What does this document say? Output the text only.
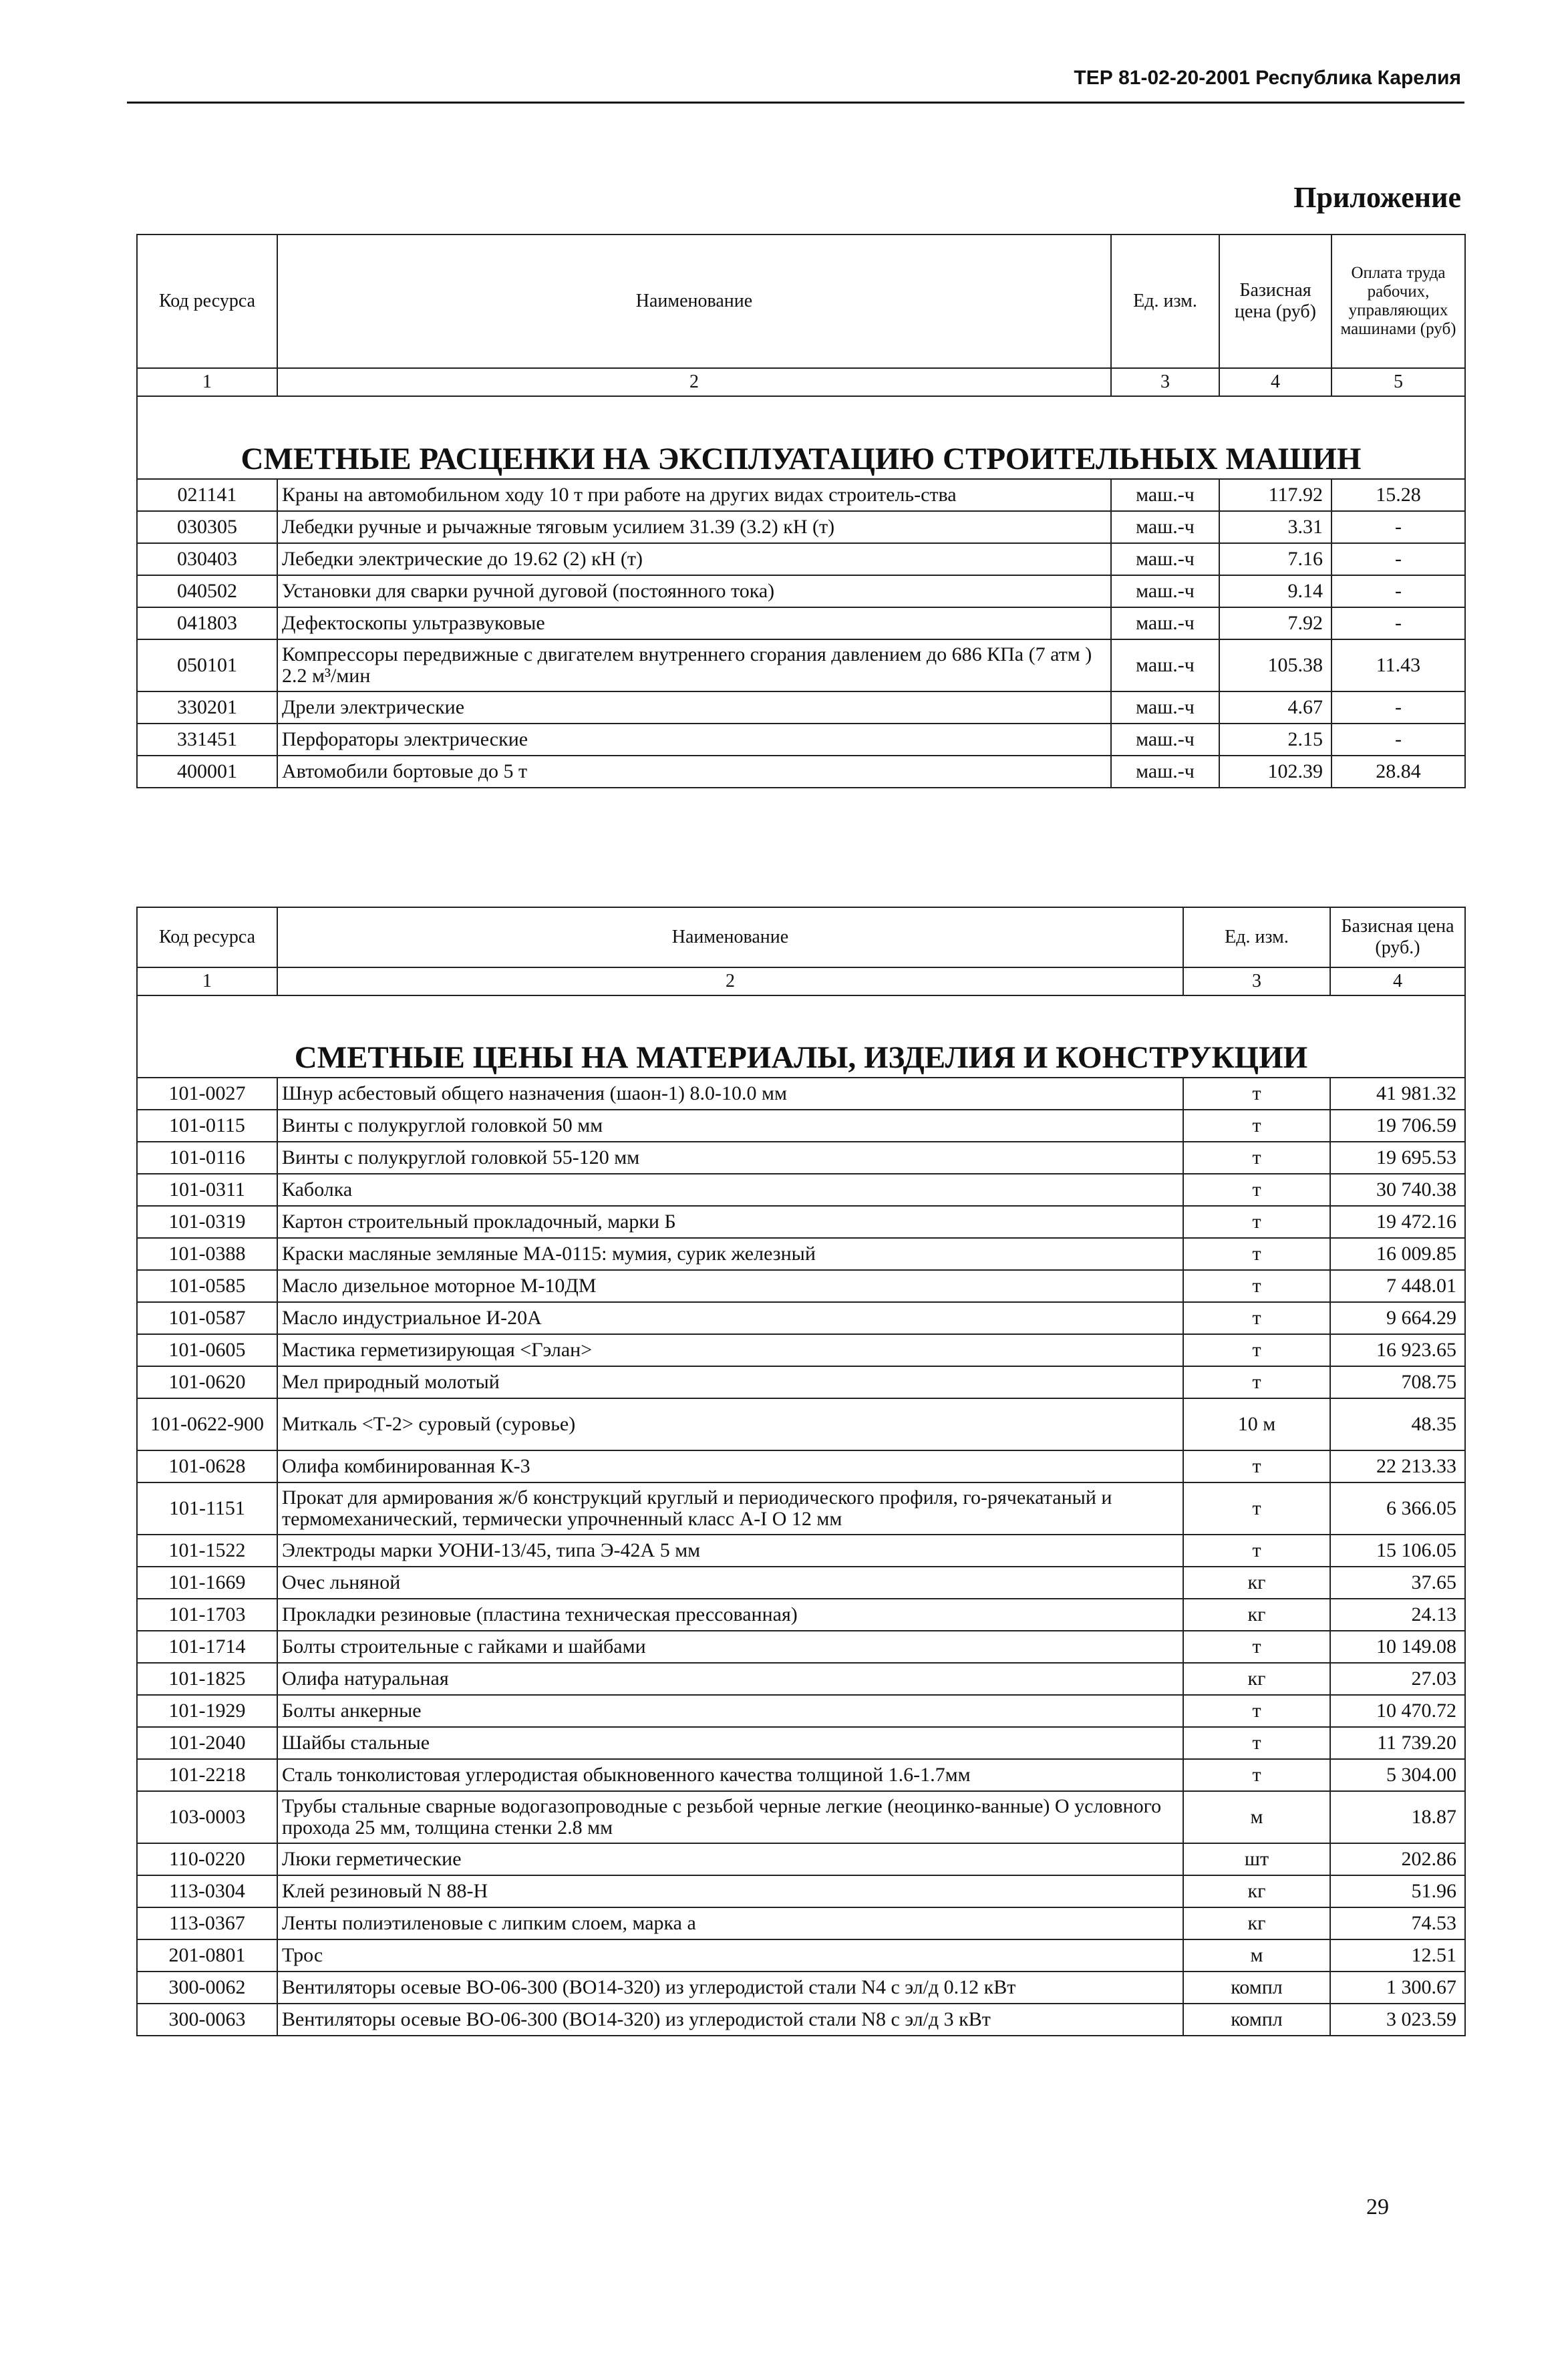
ТЕР 81-02-20-2001 Республика Карелия
Приложение
Код ресурса	Наименование	Ед. изм.	Базисная цена (руб)	Оплата труда рабочих, управляющих машинами (руб)
1	2	3	4	5
СМЕТНЫЕ РАСЦЕНКИ НА ЭКСПЛУАТАЦИЮ СТРОИТЕЛЬНЫХ МАШИН				
021141	Краны на автомобильном ходу 10 т при работе на других видах строитель-ства	маш.-ч	117.92	15.28
030305	Лебедки ручные и рычажные тяговым усилием 31.39 (3.2) кН (т)	маш.-ч	3.31	-
030403	Лебедки электрические до 19.62 (2) кН (т)	маш.-ч	7.16	-
040502	Установки для сварки ручной дуговой (постоянного тока)	маш.-ч	9.14	-
041803	Дефектоскопы ультразвуковые	маш.-ч	7.92	-
050101	Компрессоры передвижные с двигателем внутреннего сгорания давлением до 686 КПа (7 атм ) 2.2 м³/мин	маш.-ч	105.38	11.43
330201	Дрели электрические	маш.-ч	4.67	-
331451	Перфораторы электрические	маш.-ч	2.15	-
400001	Автомобили бортовые до 5 т	маш.-ч	102.39	28.84
Код ресурса	Наименование	Ед. изм.	Базисная цена (руб.)
1	2	3	4
СМЕТНЫЕ ЦЕНЫ НА МАТЕРИАЛЫ, ИЗДЕЛИЯ И КОНСТРУКЦИИ			
101-0027	Шнур асбестовый общего назначения (шаон-1) 8.0-10.0 мм	т	41 981.32
101-0115	Винты с полукруглой головкой 50 мм	т	19 706.59
101-0116	Винты с полукруглой головкой 55-120 мм	т	19 695.53
101-0311	Каболка	т	30 740.38
101-0319	Картон строительный прокладочный, марки Б	т	19 472.16
101-0388	Краски масляные земляные МА-0115: мумия, сурик железный	т	16 009.85
101-0585	Масло дизельное моторное М-10ДМ	т	7 448.01
101-0587	Масло индустриальное И-20А	т	9 664.29
101-0605	Мастика герметизирующая <Гэлан>	т	16 923.65
101-0620	Мел природный молотый	т	708.75
101-0622-900	Миткаль <Т-2> суровый (суровье)	10 м	48.35
101-0628	Олифа комбинированная К-3	т	22 213.33
101-1151	Прокат для армирования ж/б конструкций круглый и периодического профиля, го-рячекатаный и термомеханический, термически упрочненный класс А-I О 12 мм	т	6 366.05
101-1522	Электроды марки УОНИ-13/45, типа Э-42А 5 мм	т	15 106.05
101-1669	Очес льняной	кг	37.65
101-1703	Прокладки резиновые (пластина техническая прессованная)	кг	24.13
101-1714	Болты строительные с гайками и шайбами	т	10 149.08
101-1825	Олифа натуральная	кг	27.03
101-1929	Болты анкерные	т	10 470.72
101-2040	Шайбы стальные	т	11 739.20
101-2218	Сталь тонколистовая углеродистая обыкновенного качества толщиной 1.6-1.7мм	т	5 304.00
103-0003	Трубы стальные сварные водогазопроводные с резьбой черные легкие (неоцинко-ванные) О условного прохода 25 мм, толщина стенки 2.8 мм	м	18.87
110-0220	Люки герметические	шт	202.86
113-0304	Клей резиновый N 88-Н	кг	51.96
113-0367	Ленты полиэтиленовые с липким слоем, марка а	кг	74.53
201-0801	Трос	м	12.51
300-0062	Вентиляторы осевые ВО-06-300 (ВО14-320) из углеродистой стали N4 с эл/д 0.12 кВт	компл	1 300.67
300-0063	Вентиляторы осевые ВО-06-300 (ВО14-320) из углеродистой стали N8 с эл/д 3 кВт	компл	3 023.59
29
